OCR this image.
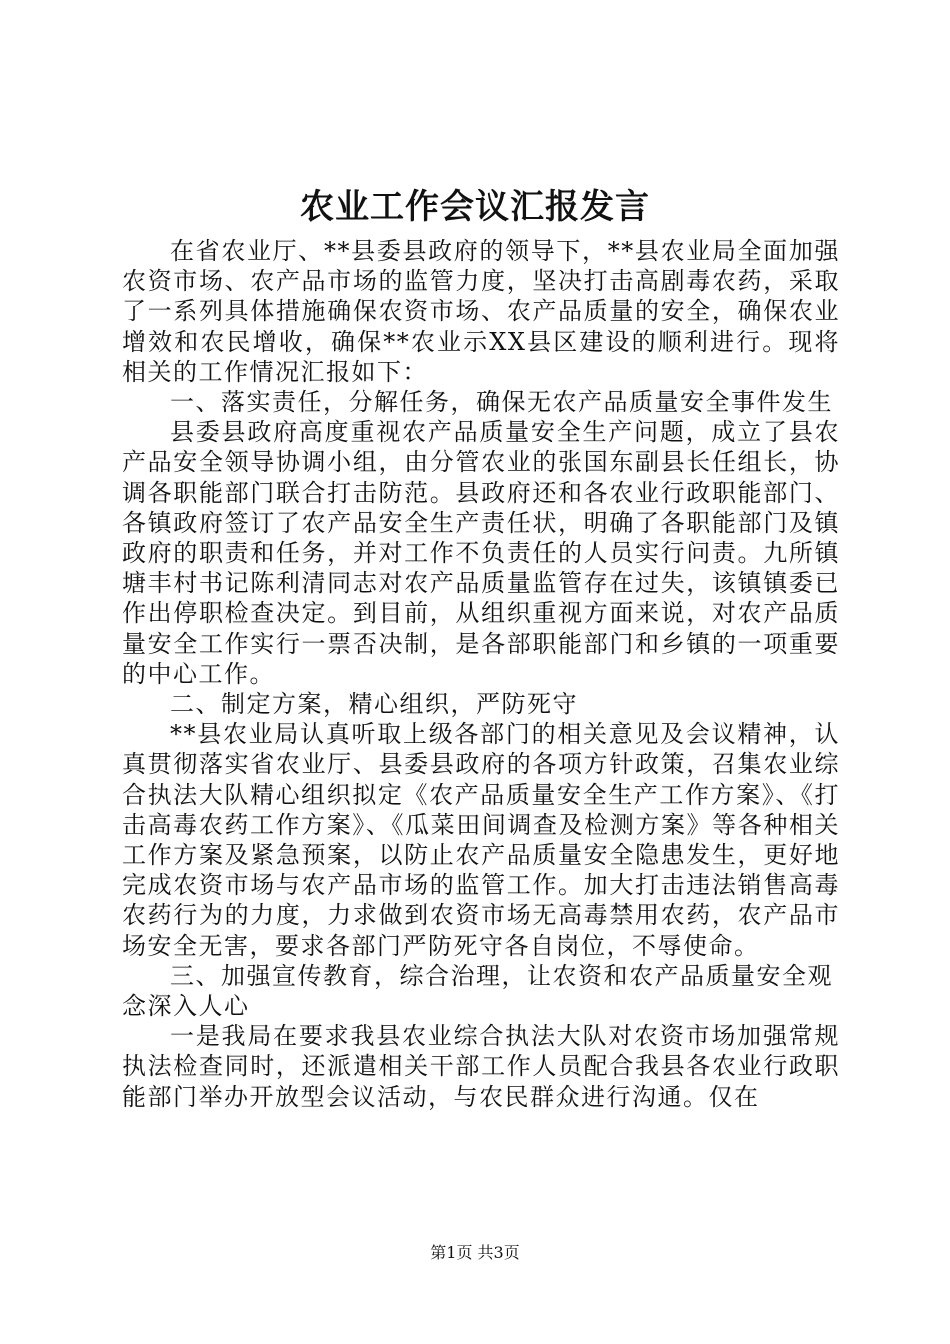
农业工作会议汇报发言

在省农业厅、**县委县政府的领导下，**县农业局全面加强农资市场、农产品市场的监管力度，坚决打击高剧毒农药，采取了一系列具体措施确保农资市场、农产品质量的安全，确保农业增效和农民增收，确保**农业示XX县区建设的顺利进行。现将相关的工作情况汇报如下：

一、落实责任，分解任务，确保无农产品质量安全事件发生

县委县政府高度重视农产品质量安全生产问题，成立了县农产品安全领导协调小组，由分管农业的张国东副县长任组长，协调各职能部门联合打击防范。县政府还和各农业行政职能部门、各镇政府签订了农产品安全生产责任状，明确了各职能部门及镇政府的职责和任务，并对工作不负责任的人员实行问责。九所镇塘丰村书记陈利清同志对农产品质量监管存在过失，该镇镇委已作出停职检查决定。到目前，从组织重视方面来说，对农产品质量安全工作实行一票否决制，是各部职能部门和乡镇的一项重要的中心工作。

二、制定方案，精心组织，严防死守

**县农业局认真听取上级各部门的相关意见及会议精神，认真贯彻落实省农业厅、县委县政府的各项方针政策，召集农业综合执法大队精心组织拟定《农产品质量安全生产工作方案》、《打击高毒农药工作方案》、《瓜菜田间调查及检测方案》等各种相关工作方案及紧急预案，以防止农产品质量安全隐患发生，更好地完成农资市场与农产品市场的监管工作。加大打击违法销售高毒农药行为的力度，力求做到农资市场无高毒禁用农药，农产品市场安全无害，要求各部门严防死守各自岗位，不辱使命。

三、加强宣传教育，综合治理，让农资和农产品质量安全观念深入人心

一是我局在要求我县农业综合执法大队对农资市场加强常规执法检查同时，还派遣相关干部工作人员配合我县各农业行政职能部门举办开放型会议活动，与农民群众进行沟通。仅在

第1页 共3页
